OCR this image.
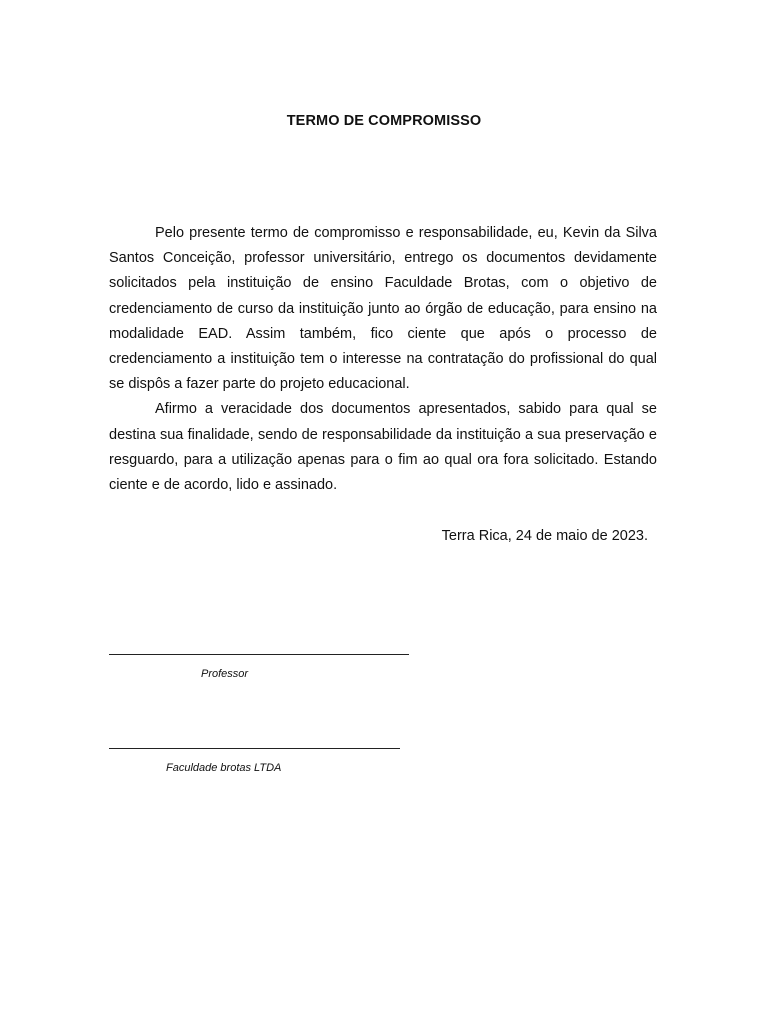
TERMO DE COMPROMISSO

Pelo presente termo de compromisso e responsabilidade, eu, Kevin da Silva Santos Conceição, professor universitário, entrego os documentos devidamente solicitados pela instituição de ensino Faculdade Brotas, com o objetivo de credenciamento de curso da instituição junto ao órgão de educação, para ensino na modalidade EAD. Assim também, fico ciente que após o processo de credenciamento a instituição tem o interesse na contratação do profissional do qual se dispôs a fazer parte do projeto educacional.

Afirmo a veracidade dos documentos apresentados, sabido para qual se destina sua finalidade, sendo de responsabilidade da instituição a sua preservação e resguardo, para a utilização apenas para o fim ao qual ora fora solicitado. Estando ciente e de acordo, lido e assinado.

Terra Rica, 24 de maio de 2023.
Professor
Faculdade brotas LTDA
